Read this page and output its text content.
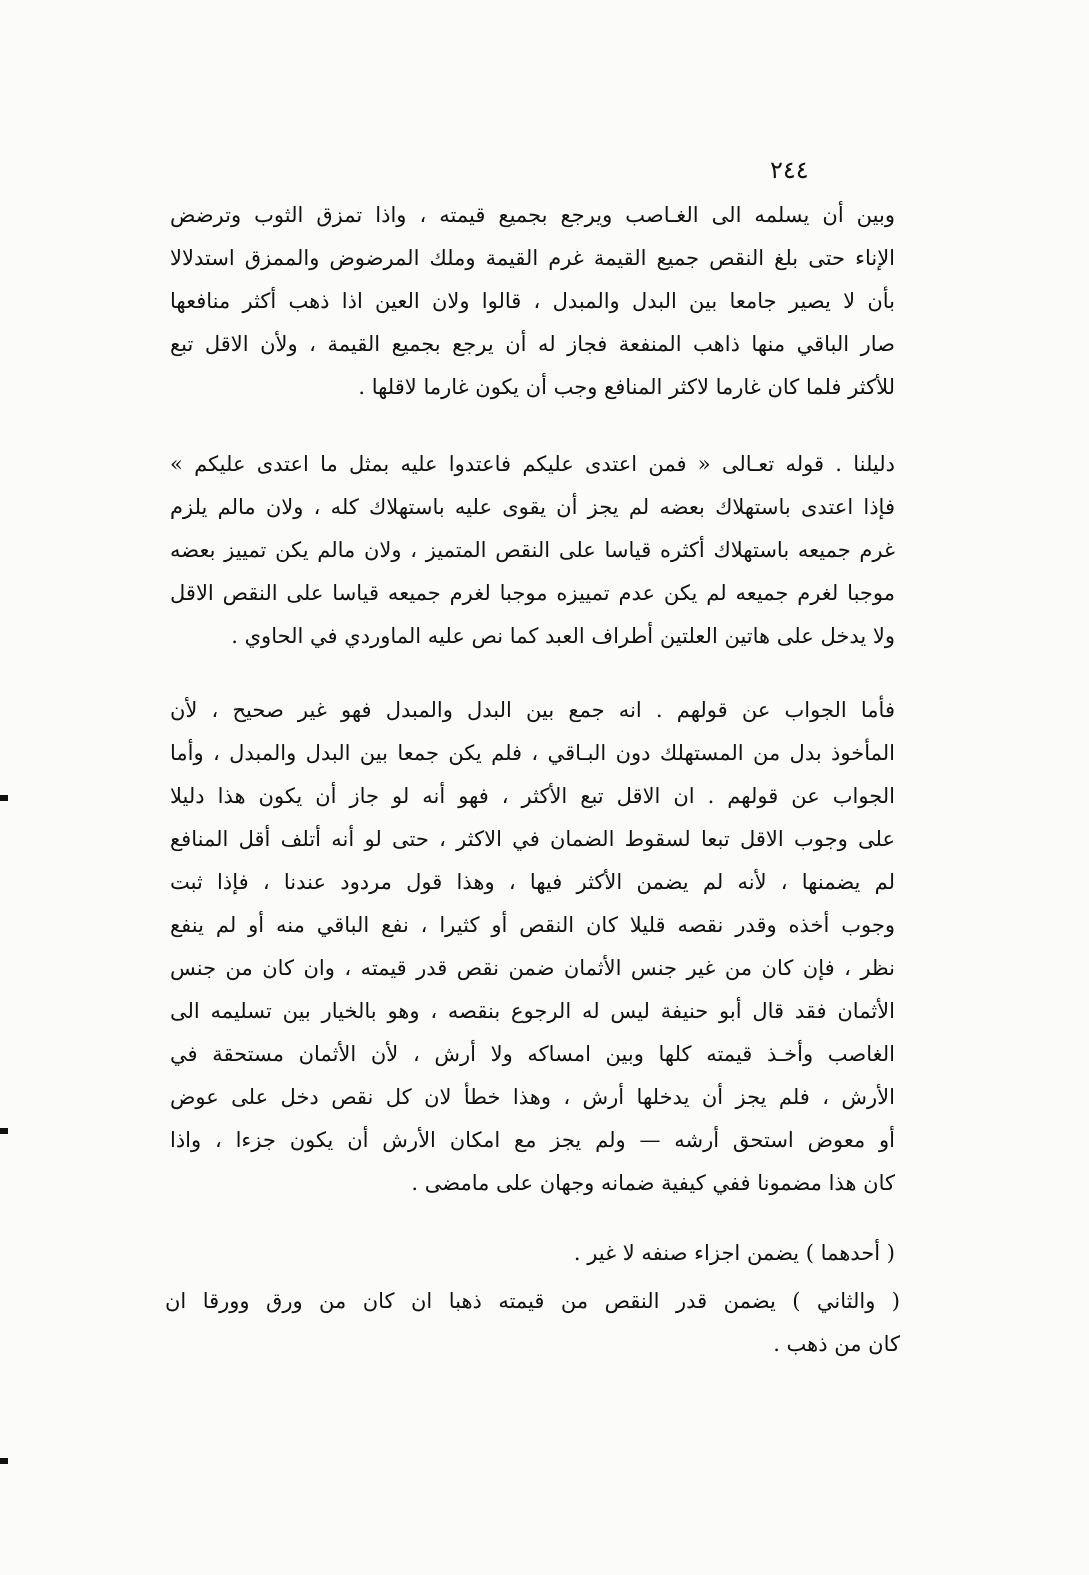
٢٤٤
وبين أن يسلمه الى الغـاصب ويرجع بجميع قيمته ، واذا تمزق الثوب وترضض
الإناء حتى بلغ النقص جميع القيمة غرم القيمة وملك المرضوض والممزق استدلالا
بأن لا يصير جامعا بين البدل والمبدل ، قالوا ولان العين اذا ذهب أكثر منافعها
صار الباقي منها ذاهب المنفعة فجاز له أن يرجع بجميع القيمة ، ولأن الاقل تبع
للأكثر فلما كان غارما لاكثر المنافع وجب أن يكون غارما لاقلها .
دليلنا . قوله تعـالى « فمن اعتدى عليكم فاعتدوا عليه بمثل ما اعتدى عليكم »
فإذا اعتدى باستهلاك بعضه لم يجز أن يقوى عليه باستهلاك كله ، ولان مالم يلزم
غرم جميعه باستهلاك أكثره قياسا على النقص المتميز ، ولان مالم يكن تمييز بعضه
موجبا لغرم جميعه لم يكن عدم تمييزه موجبا لغرم جميعه قياسا على النقص الاقل
ولا يدخل على هاتين العلتين أطراف العبد كما نص عليه الماوردي في الحاوي .
فأما الجواب عن قولهم . انه جمع بين البدل والمبدل فهو غير صحيح ، لأن
المأخوذ بدل من المستهلك دون البـاقي ، فلم يكن جمعا بين البدل والمبدل ، وأما
الجواب عن قولهم . ان الاقل تبع الأكثر ، فهو أنه لو جاز أن يكون هذا دليلا
على وجوب الاقل تبعا لسقوط الضمان في الاكثر ، حتى لو أنه أتلف أقل المنافع
لم يضمنها ، لأنه لم يضمن الأكثر فيها ، وهذا قول مردود عندنا ، فإذا ثبت
وجوب أخذه وقدر نقصه قليلا كان النقص أو كثيرا ، نفع الباقي منه أو لم ينفع
نظر ، فإن كان من غير جنس الأثمان ضمن نقص قدر قيمته ، وان كان من جنس
الأثمان فقد قال أبو حنيفة ليس له الرجوع بنقصه ، وهو بالخيار بين تسليمه الى
الغاصب وأخـذ قيمته كلها وبين امساكه ولا أرش ، لأن الأثمان مستحقة في
الأرش ، فلم يجز أن يدخلها أرش ، وهذا خطأ لان كل نقص دخل على عوض
أو معوض استحق أرشه — ولم يجز مع امكان الأرش أن يكون جزءا ، واذا
كان هذا مضمونا ففي كيفية ضمانه وجهان على مامضى .
( أحدهما ) يضمن اجزاء صنفه لا غير .
( والثاني ) يضمن قدر النقص من قيمته ذهبا ان كان من ورق وورقا ان
كان من ذهب .
